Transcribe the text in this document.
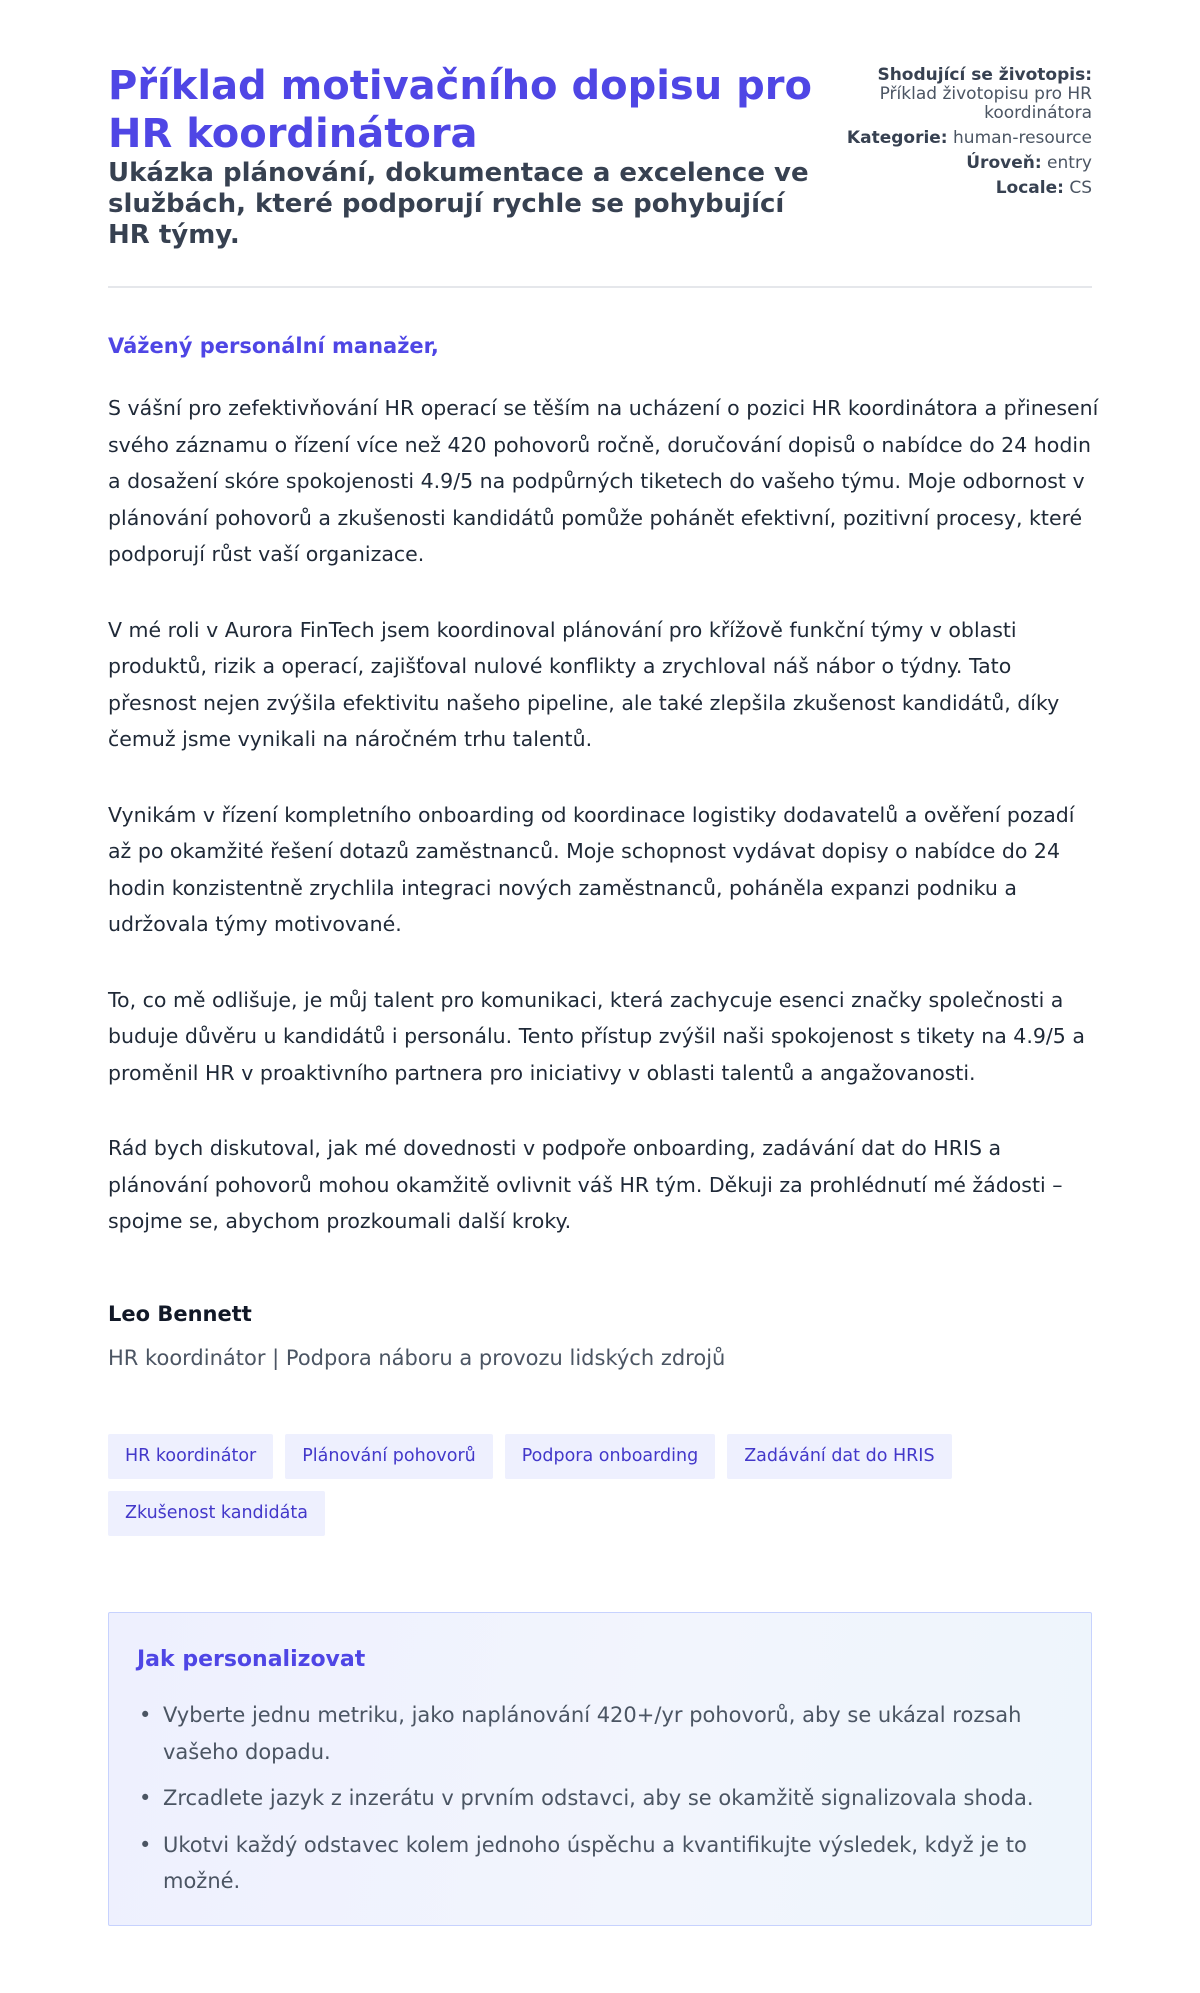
Příklad motivačního dopisu pro HR koordinátora
Ukázka plánování, dokumentace a excelence ve službách, které podporují rychle se pohybující HR týmy.
Shodující se životopis:
Příklad životopisu pro HR koordinátora
Kategorie: human-resource
Úroveň: entry
Locale: CS

Vážený personální manažer,

S vášní pro zefektivňování HR operací se těším na ucházení o pozici HR koordinátora a přinesení svého záznamu o řízení více než 420 pohovorů ročně, doručování dopisů o nabídce do 24 hodin a dosažení skóre spokojenosti 4.9/5 na podpůrných tiketech do vašeho týmu. Moje odbornost v plánování pohovorů a zkušenosti kandidátů pomůže pohánět efektivní, pozitivní procesy, které podporují růst vaší organizace.

V mé roli v Aurora FinTech jsem koordinoval plánování pro křížově funkční týmy v oblasti produktů, rizik a operací, zajišťoval nulové konflikty a zrychloval náš nábor o týdny. Tato přesnost nejen zvýšila efektivitu našeho pipeline, ale také zlepšila zkušenost kandidátů, díky čemuž jsme vynikali na náročném trhu talentů.

Vynikám v řízení kompletního onboarding od koordinace logistiky dodavatelů a ověření pozadí až po okamžité řešení dotazů zaměstnanců. Moje schopnost vydávat dopisy o nabídce do 24 hodin konzistentně zrychlila integraci nových zaměstnanců, poháněla expanzi podniku a udržovala týmy motivované.

To, co mě odlišuje, je můj talent pro komunikaci, která zachycuje esenci značky společnosti a buduje důvěru u kandidátů i personálu. Tento přístup zvýšil naši spokojenost s tikety na 4.9/5 a proměnil HR v proaktivního partnera pro iniciativy v oblasti talentů a angažovanosti.

Rád bych diskutoval, jak mé dovednosti v podpoře onboarding, zadávání dat do HRIS a plánování pohovorů mohou okamžitě ovlivnit váš HR tým. Děkuji za prohlédnutí mé žádosti – spojme se, abychom prozkoumali další kroky.

Leo Bennett

HR koordinátor | Podpora náboru a provozu lidských zdrojů

HR koordinátor	Plánování pohovorů	Podpora onboarding	Zadávání dat do HRIS
Zkušenost kandidáta
Jak personalizovat
• Vyberte jednu metriku, jako naplánování 420+/yr pohovorů, aby se ukázal rozsah vašeho dopadu.
• Zrcadlete jazyk z inzerátu v prvním odstavci, aby se okamžitě signalizovala shoda.
• Ukotvi každý odstavec kolem jednoho úspěchu a kvantifikujte výsledek, když je to možné.
